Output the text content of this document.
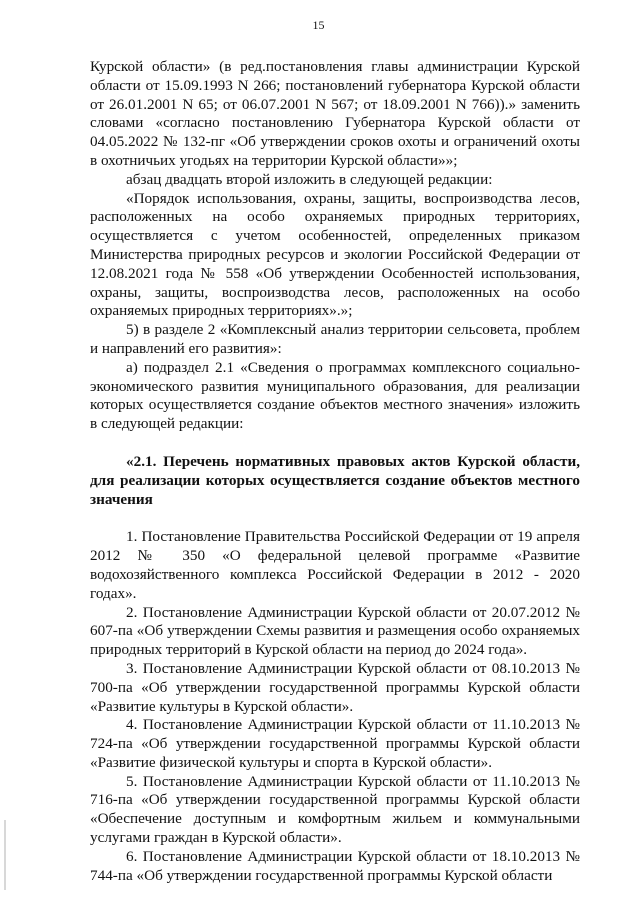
15

Курской области» (в ред.постановления главы администрации Курской области от 15.09.1993 N 266; постановлений губернатора Курской области от 26.01.2001 N 65; от 06.07.2001 N 567; от 18.09.2001 N 766)).» заменить словами «согласно постановлению Губернатора Курской области от 04.05.2022 № 132-пг «Об утверждении сроков охоты и ограничений охоты в охотничьих угодьях на территории Курской области»»;

абзац двадцать второй изложить в следующей редакции:

«Порядок использования, охраны, защиты, воспроизводства лесов, расположенных на особо охраняемых природных территориях, осуществляется с учетом особенностей, определенных приказом Министерства природных ресурсов и экологии Российской Федерации от 12.08.2021 года № 558 «Об утверждении Особенностей использования, охраны, защиты, воспроизводства лесов, расположенных на особо охраняемых природных территориях».»;

5) в разделе 2 «Комплексный анализ территории сельсовета, проблем и направлений его развития»:

а) подраздел 2.1 «Сведения о программах комплексного социально-экономического развития муниципального образования, для реализации которых осуществляется создание объектов местного значения» изложить в следующей редакции:

«2.1. Перечень нормативных правовых актов Курской области, для реализации которых осуществляется создание объектов местного значения

1. Постановление Правительства Российской Федерации от 19 апреля 2012 № 350 «О федеральной целевой программе «Развитие водохозяйственного комплекса Российской Федерации в 2012 - 2020 годах».

2. Постановление Администрации Курской области от 20.07.2012 № 607-па «Об утверждении Схемы развития и размещения особо охраняемых природных территорий в Курской области на период до 2024 года».

3. Постановление Администрации Курской области от 08.10.2013 № 700-па «Об утверждении государственной программы Курской области «Развитие культуры в Курской области».

4. Постановление Администрации Курской области от 11.10.2013 № 724-па «Об утверждении государственной программы Курской области «Развитие физической культуры и спорта в Курской области».

5. Постановление Администрации Курской области от 11.10.2013 № 716-па «Об утверждении государственной программы Курской области «Обеспечение доступным и комфортным жильем и коммунальными услугами граждан в Курской области».

6. Постановление Администрации Курской области от 18.10.2013 № 744-па «Об утверждении государственной программы Курской области
